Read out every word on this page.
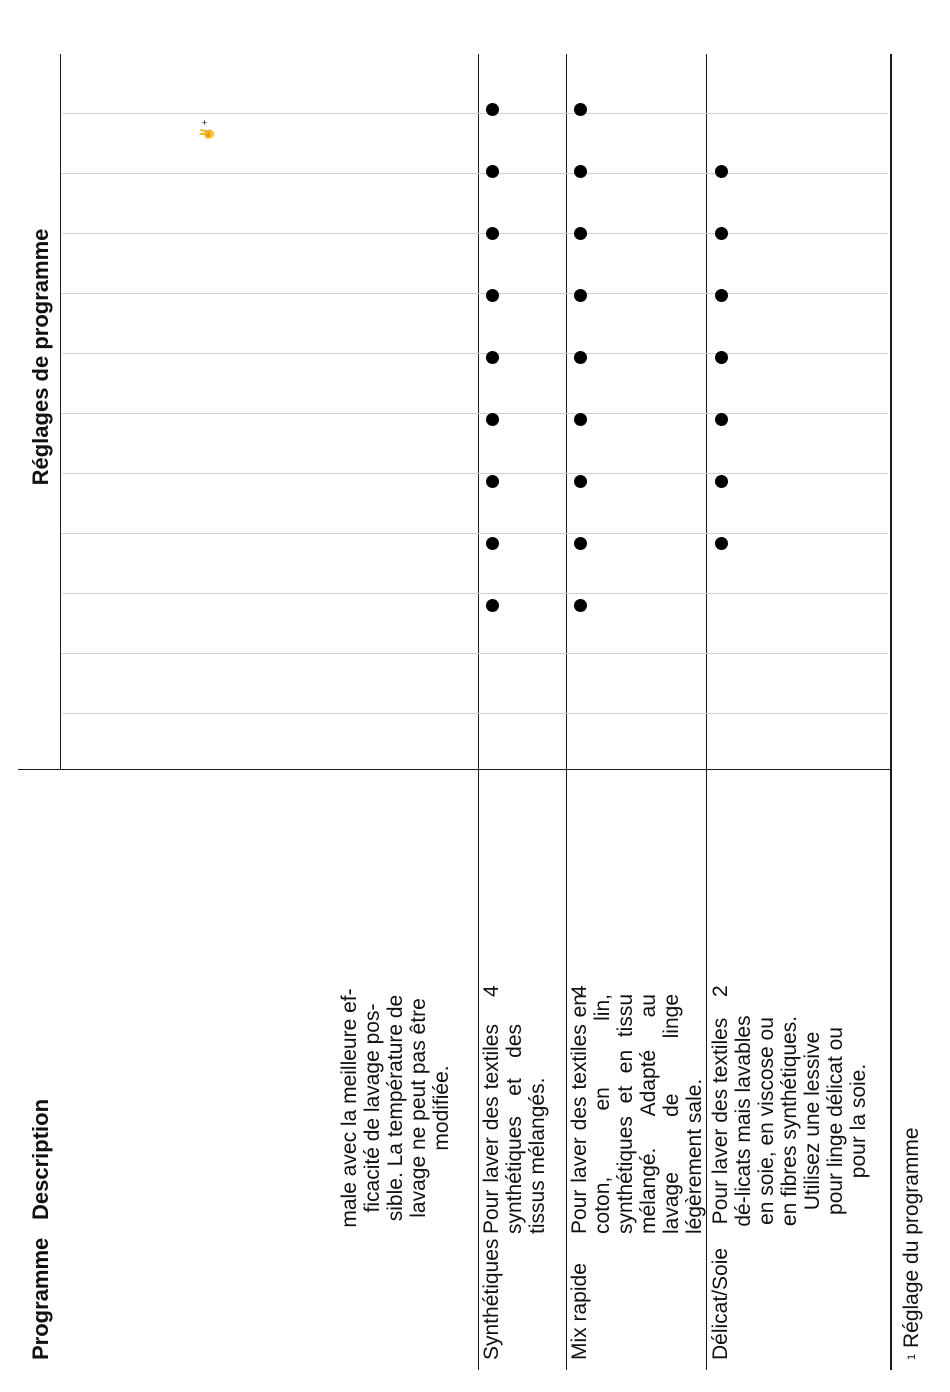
Programme
Description
Réglages de programme
✌⁺
male avec la meilleure ef-ficacité de lavage pos-sible. La température de lavage ne peut pas être modifiée.
Synthétiques
Pour laver des textiles synthétiques et des tissus mélangés.
4
Mix rapide
Pour laver des textiles en coton, en lin, synthétiques et en tissu mélangé. Adapté au lavage de linge légèrement sale.
4
Délicat/Soie
Pour laver des textiles dé-licats mais lavables en soie, en viscose ou en fibres synthétiques. Utilisez une lessive pour linge délicat ou pour la soie.
2
$^1$ Réglage du programme
